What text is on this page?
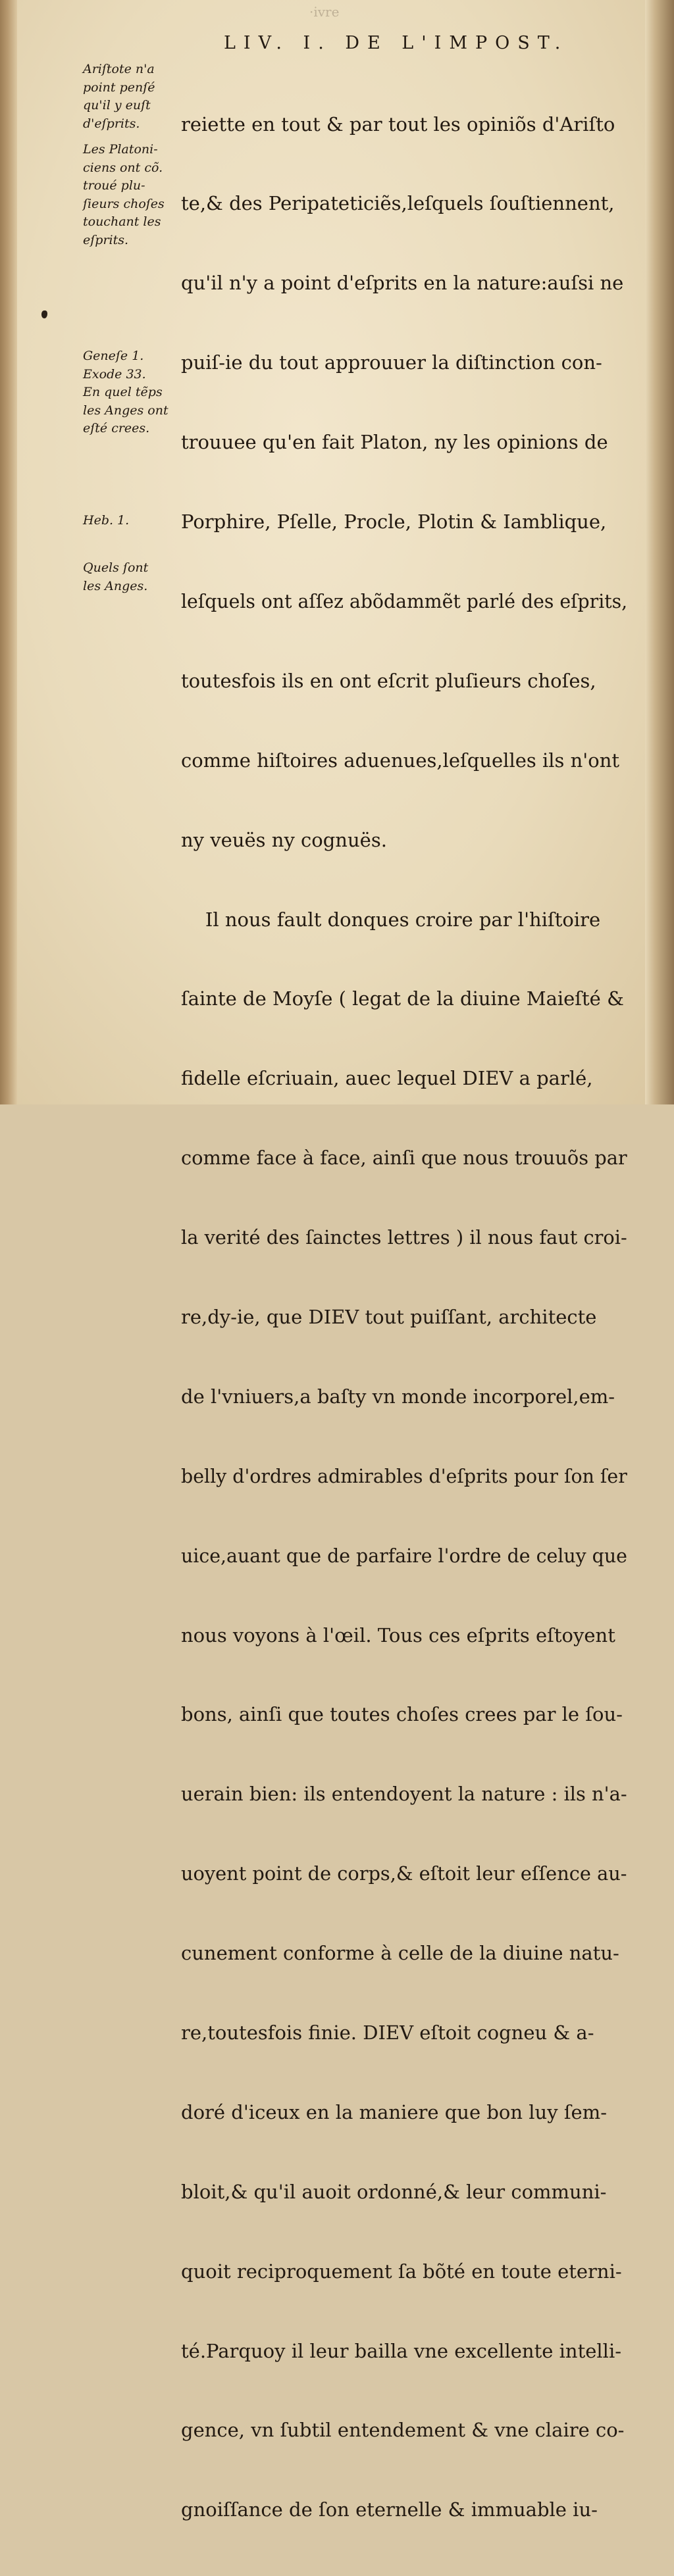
·ivre
LIV. I. DE L'IMPOST.
Ariſtote n'a
point penſé
qu'il y euſt
d'eſprits.
Les Platoni-
ciens ont cõ.
troué plu-
ſieurs choſes
touchant les
eſprits.
Geneſe 1.
Exode 33.
En quel tẽps
les Anges ont
eſté crees.
Heb. 1.
Quels ſont
les Anges.

reiette en tout & par tout les opiniõs d'Ariſto

te,& des Peripateticiẽs,leſquels ſouſtiennent,

qu'il n'y a point d'eſprits en la nature:auſsi ne

puiſ-ie du tout approuuer la diſtinction con-

trouuee qu'en fait Platon, ny les opinions de

Porphire, Pſelle, Procle, Plotin & Iamblique,

leſquels ont aſſez abõdammẽt parlé des eſprits,

toutesfois ils en ont eſcrit pluſieurs choſes,

comme hiſtoires aduenues,leſquelles ils n'ont

ny veuës ny cognuës.

Il nous fault donques croire par l'hiſtoire

ſainte de Moyſe ( legat de la diuine Maieſté &

fidelle eſcriuain, auec lequel DIEV a parlé,

comme face à face, ainſi que nous trouuõs par

la verité des ſainctes lettres ) il nous faut croi-

re,dy-ie, que DIEV tout puiſſant, architecte

de l'vniuers,a baſty vn monde incorporel,em-

belly d'ordres admirables d'eſprits pour ſon ſer

uice,auant que de parfaire l'ordre de celuy que

nous voyons à l'œil. Tous ces eſprits eſtoyent

bons, ainſi que toutes choſes crees par le ſou-

uerain bien: ils entendoyent la nature : ils n'a-

uoyent point de corps,& eſtoit leur eſſence au-

cunement conforme à celle de la diuine natu-

re,toutesfois finie. DIEV eſtoit cogneu & a-

doré d'iceux en la maniere que bon luy ſem-

bloit,& qu'il auoit ordonné,& leur communi-

quoit reciproquement ſa bõté en toute eterni-

té.Parquoy il leur bailla vne excellente intelli-

gence, vn ſubtil entendement & vne claire co-

gnoiſſance de ſon eternelle & immuable iu-
